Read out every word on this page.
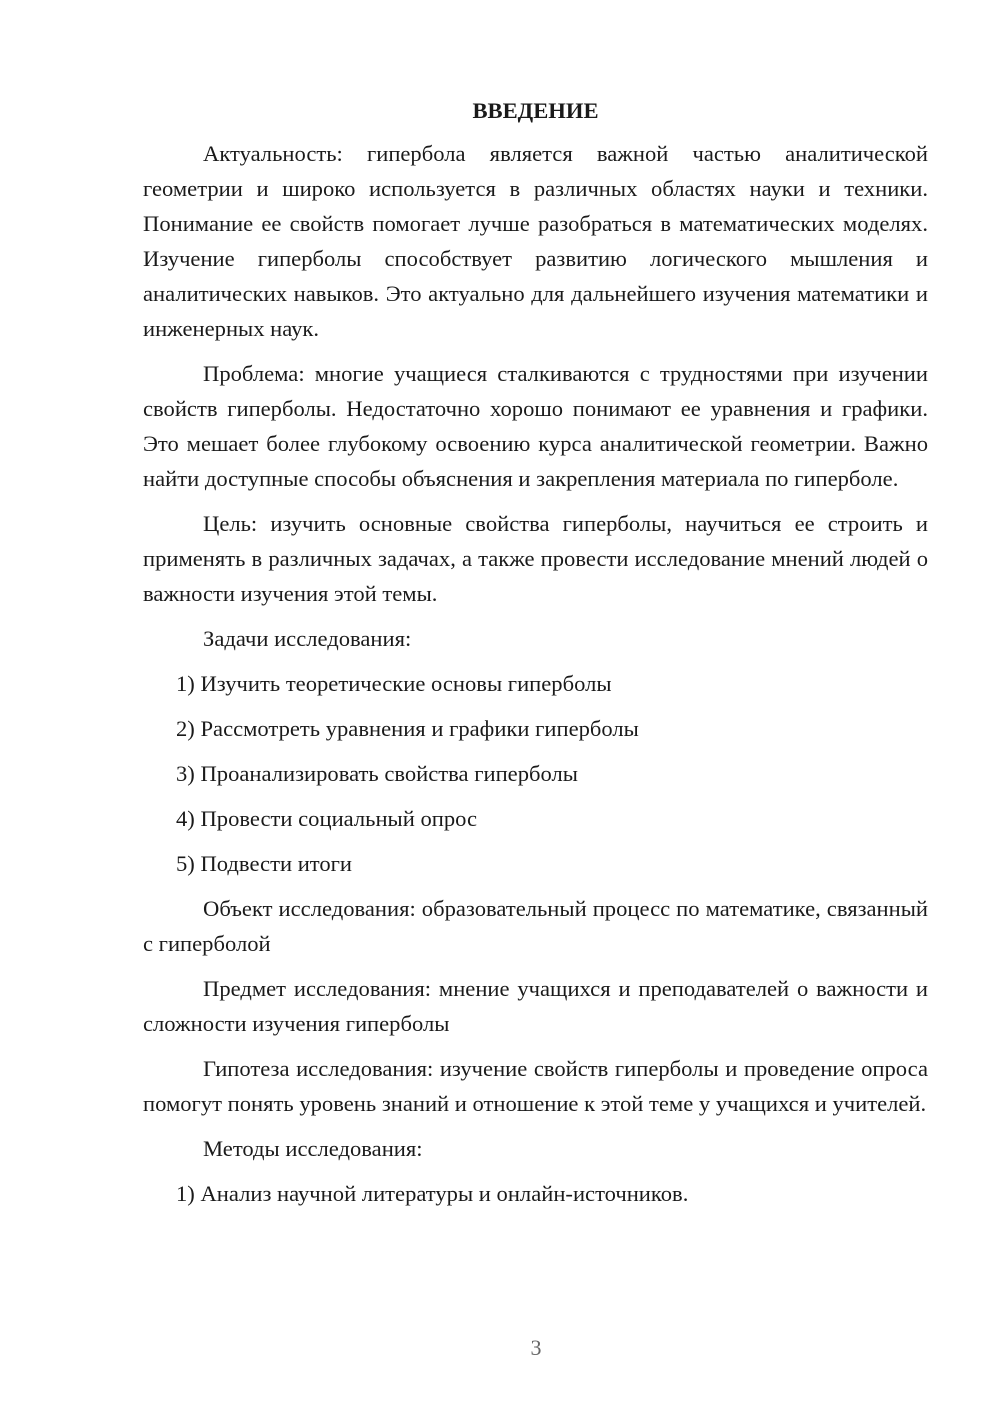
ВВЕДЕНИЕ

Актуальность: гипербола является важной частью аналитической геометрии и широко используется в различных областях науки и техники. Понимание ее свойств помогает лучше разобраться в математических моделях. Изучение гиперболы способствует развитию логического мышления и аналитических навыков. Это актуально для дальнейшего изучения математики и инженерных наук.

Проблема: многие учащиеся сталкиваются с трудностями при изучении свойств гиперболы. Недостаточно хорошо понимают ее уравнения и графики. Это мешает более глубокому освоению курса аналитической геометрии. Важно найти доступные способы объяснения и закрепления материала по гиперболе.

Цель: изучить основные свойства гиперболы, научиться ее строить и применять в различных задачах, а также провести исследование мнений людей о важности изучения этой темы.

Задачи исследования:
1) Изучить теоретические основы гиперболы
2) Рассмотреть уравнения и графики гиперболы
3) Проанализировать свойства гиперболы
4) Провести социальный опрос
5) Подвести итоги

Объект исследования: образовательный процесс по математике, связанный с гиперболой

Предмет исследования: мнение учащихся и преподавателей о важности и сложности изучения гиперболы

Гипотеза исследования: изучение свойств гиперболы и проведение опроса помогут понять уровень знаний и отношение к этой теме у учащихся и учителей.

Методы исследования:
1) Анализ научной литературы и онлайн-источников.
3
